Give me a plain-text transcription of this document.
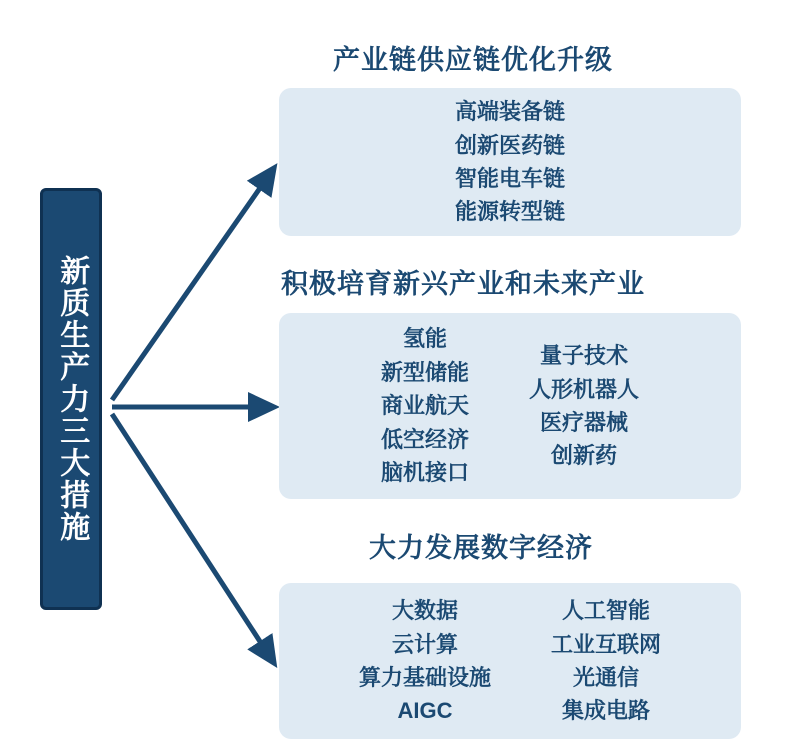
新质生产力三大措施
产业链供应链优化升级
高端装备链
创新医药链
智能电车链
能源转型链
积极培育新兴产业和未来产业
氢能
新型储能
商业航天
低空经济
脑机接口
量子技术
人形机器人
医疗器械
创新药
大力发展数字经济
大数据
云计算
算力基础设施
AIGC
人工智能
工业互联网
光通信
集成电路
